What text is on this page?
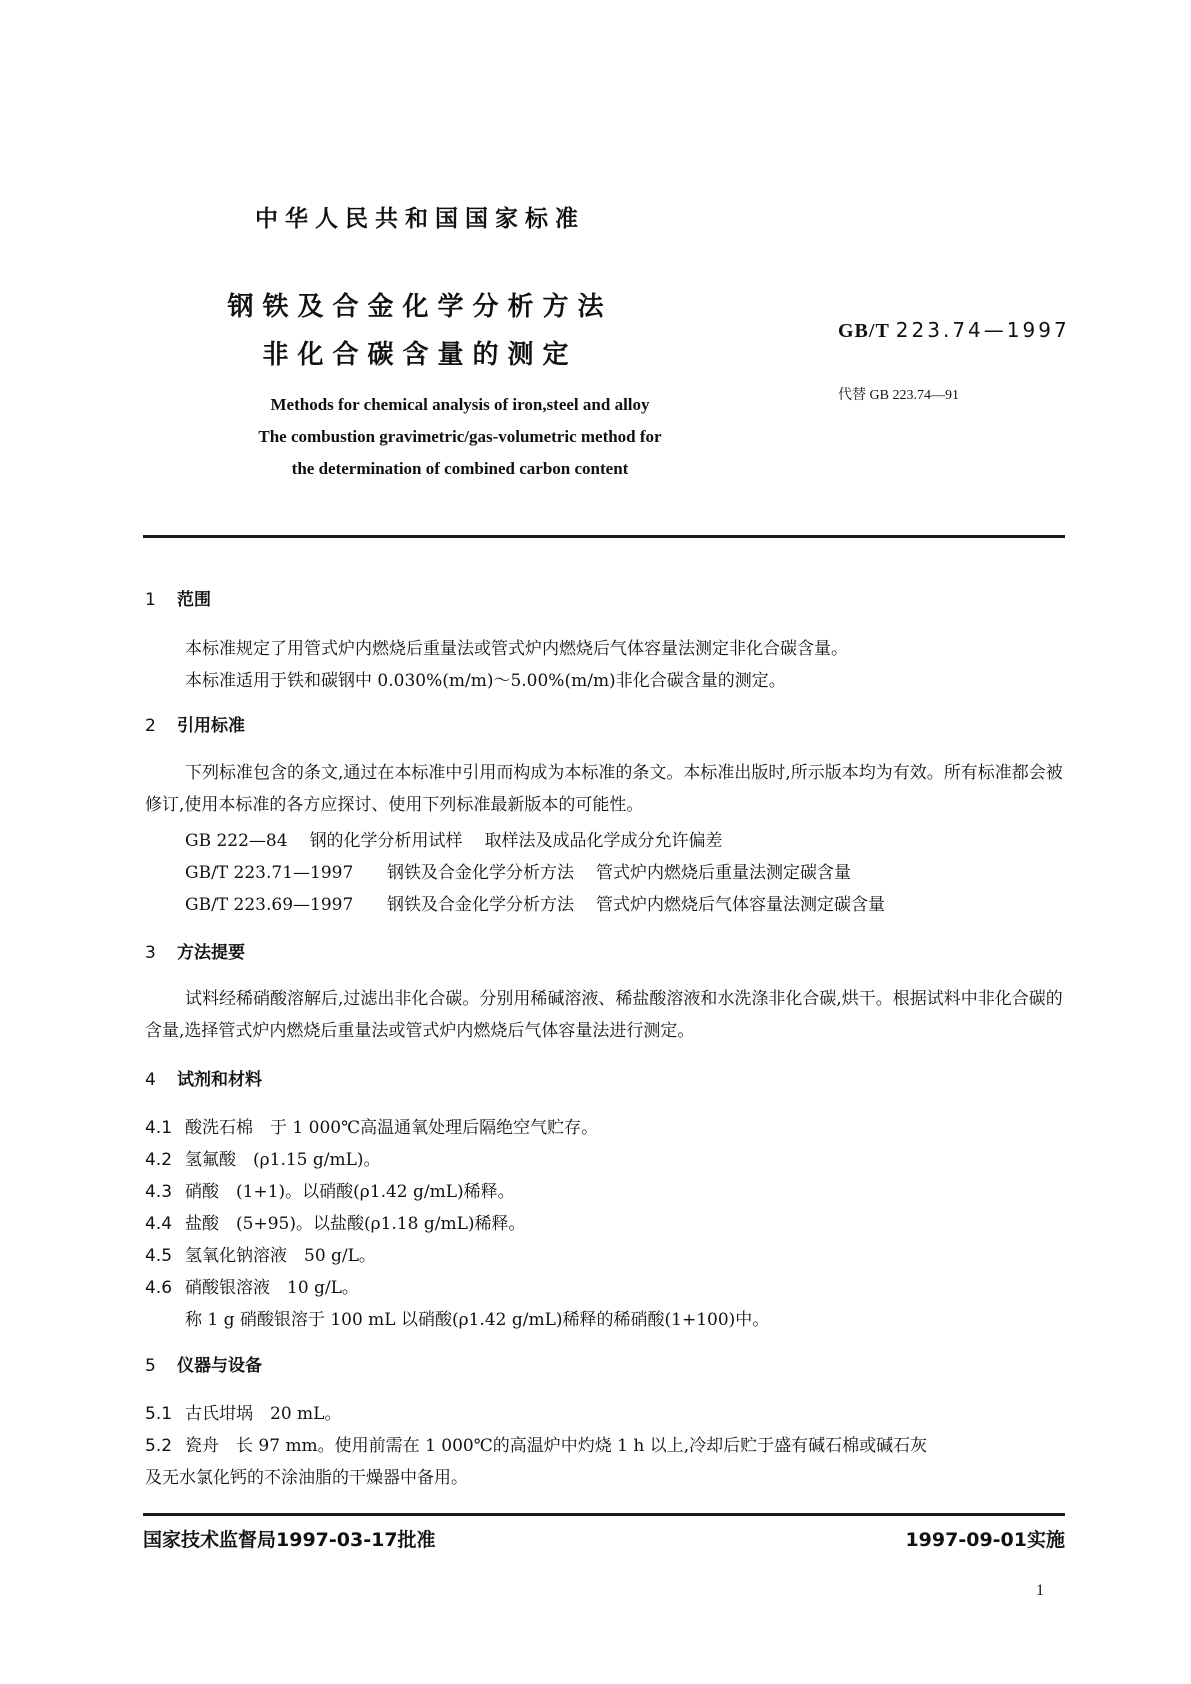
中华人民共和国国家标准
钢铁及合金化学分析方法
非化合碳含量的测定
GB/T 223.74—1997
代替 GB 223.74—91
Methods for chemical analysis of iron,steel and alloy
The combustion gravimetric/gas-volumetric method for
the determination of combined carbon content
1 范围
本标准规定了用管式炉内燃烧后重量法或管式炉内燃烧后气体容量法测定非化合碳含量。
本标准适用于铁和碳钢中 0.030%(m/m)～5.00%(m/m)非化合碳含量的测定。
2 引用标准
下列标准包含的条文,通过在本标准中引用而构成为本标准的条文。本标准出版时,所示版本均为有效。所有标准都会被修订,使用本标准的各方应探讨、使用下列标准最新版本的可能性。
GB 222—84 钢的化学分析用试样 取样法及成品化学成分允许偏差
GB/T 223.71—1997 钢铁及合金化学分析方法 管式炉内燃烧后重量法测定碳含量
GB/T 223.69—1997 钢铁及合金化学分析方法 管式炉内燃烧后气体容量法测定碳含量
3 方法提要
试料经稀硝酸溶解后,过滤出非化合碳。分别用稀碱溶液、稀盐酸溶液和水洗涤非化合碳,烘干。根据试料中非化合碳的含量,选择管式炉内燃烧后重量法或管式炉内燃烧后气体容量法进行测定。
4 试剂和材料
4.1 酸洗石棉　于 1 000℃高温通氧处理后隔绝空气贮存。
4.2 氢氟酸　(ρ1.15 g/mL)。
4.3 硝酸　(1+1)。以硝酸(ρ1.42 g/mL)稀释。
4.4 盐酸　(5+95)。以盐酸(ρ1.18 g/mL)稀释。
4.5 氢氧化钠溶液　50 g/L。
4.6 硝酸银溶液　10 g/L。
称 1 g 硝酸银溶于 100 mL 以硝酸(ρ1.42 g/mL)稀释的稀硝酸(1+100)中。
5 仪器与设备
5.1 古氏坩埚　20 mL。
5.2 瓷舟　长 97 mm。使用前需在 1 000℃的高温炉中灼烧 1 h 以上,冷却后贮于盛有碱石棉或碱石灰
及无水氯化钙的不涂油脂的干燥器中备用。
国家技术监督局1997-03-17批准	1997-09-01实施
1
